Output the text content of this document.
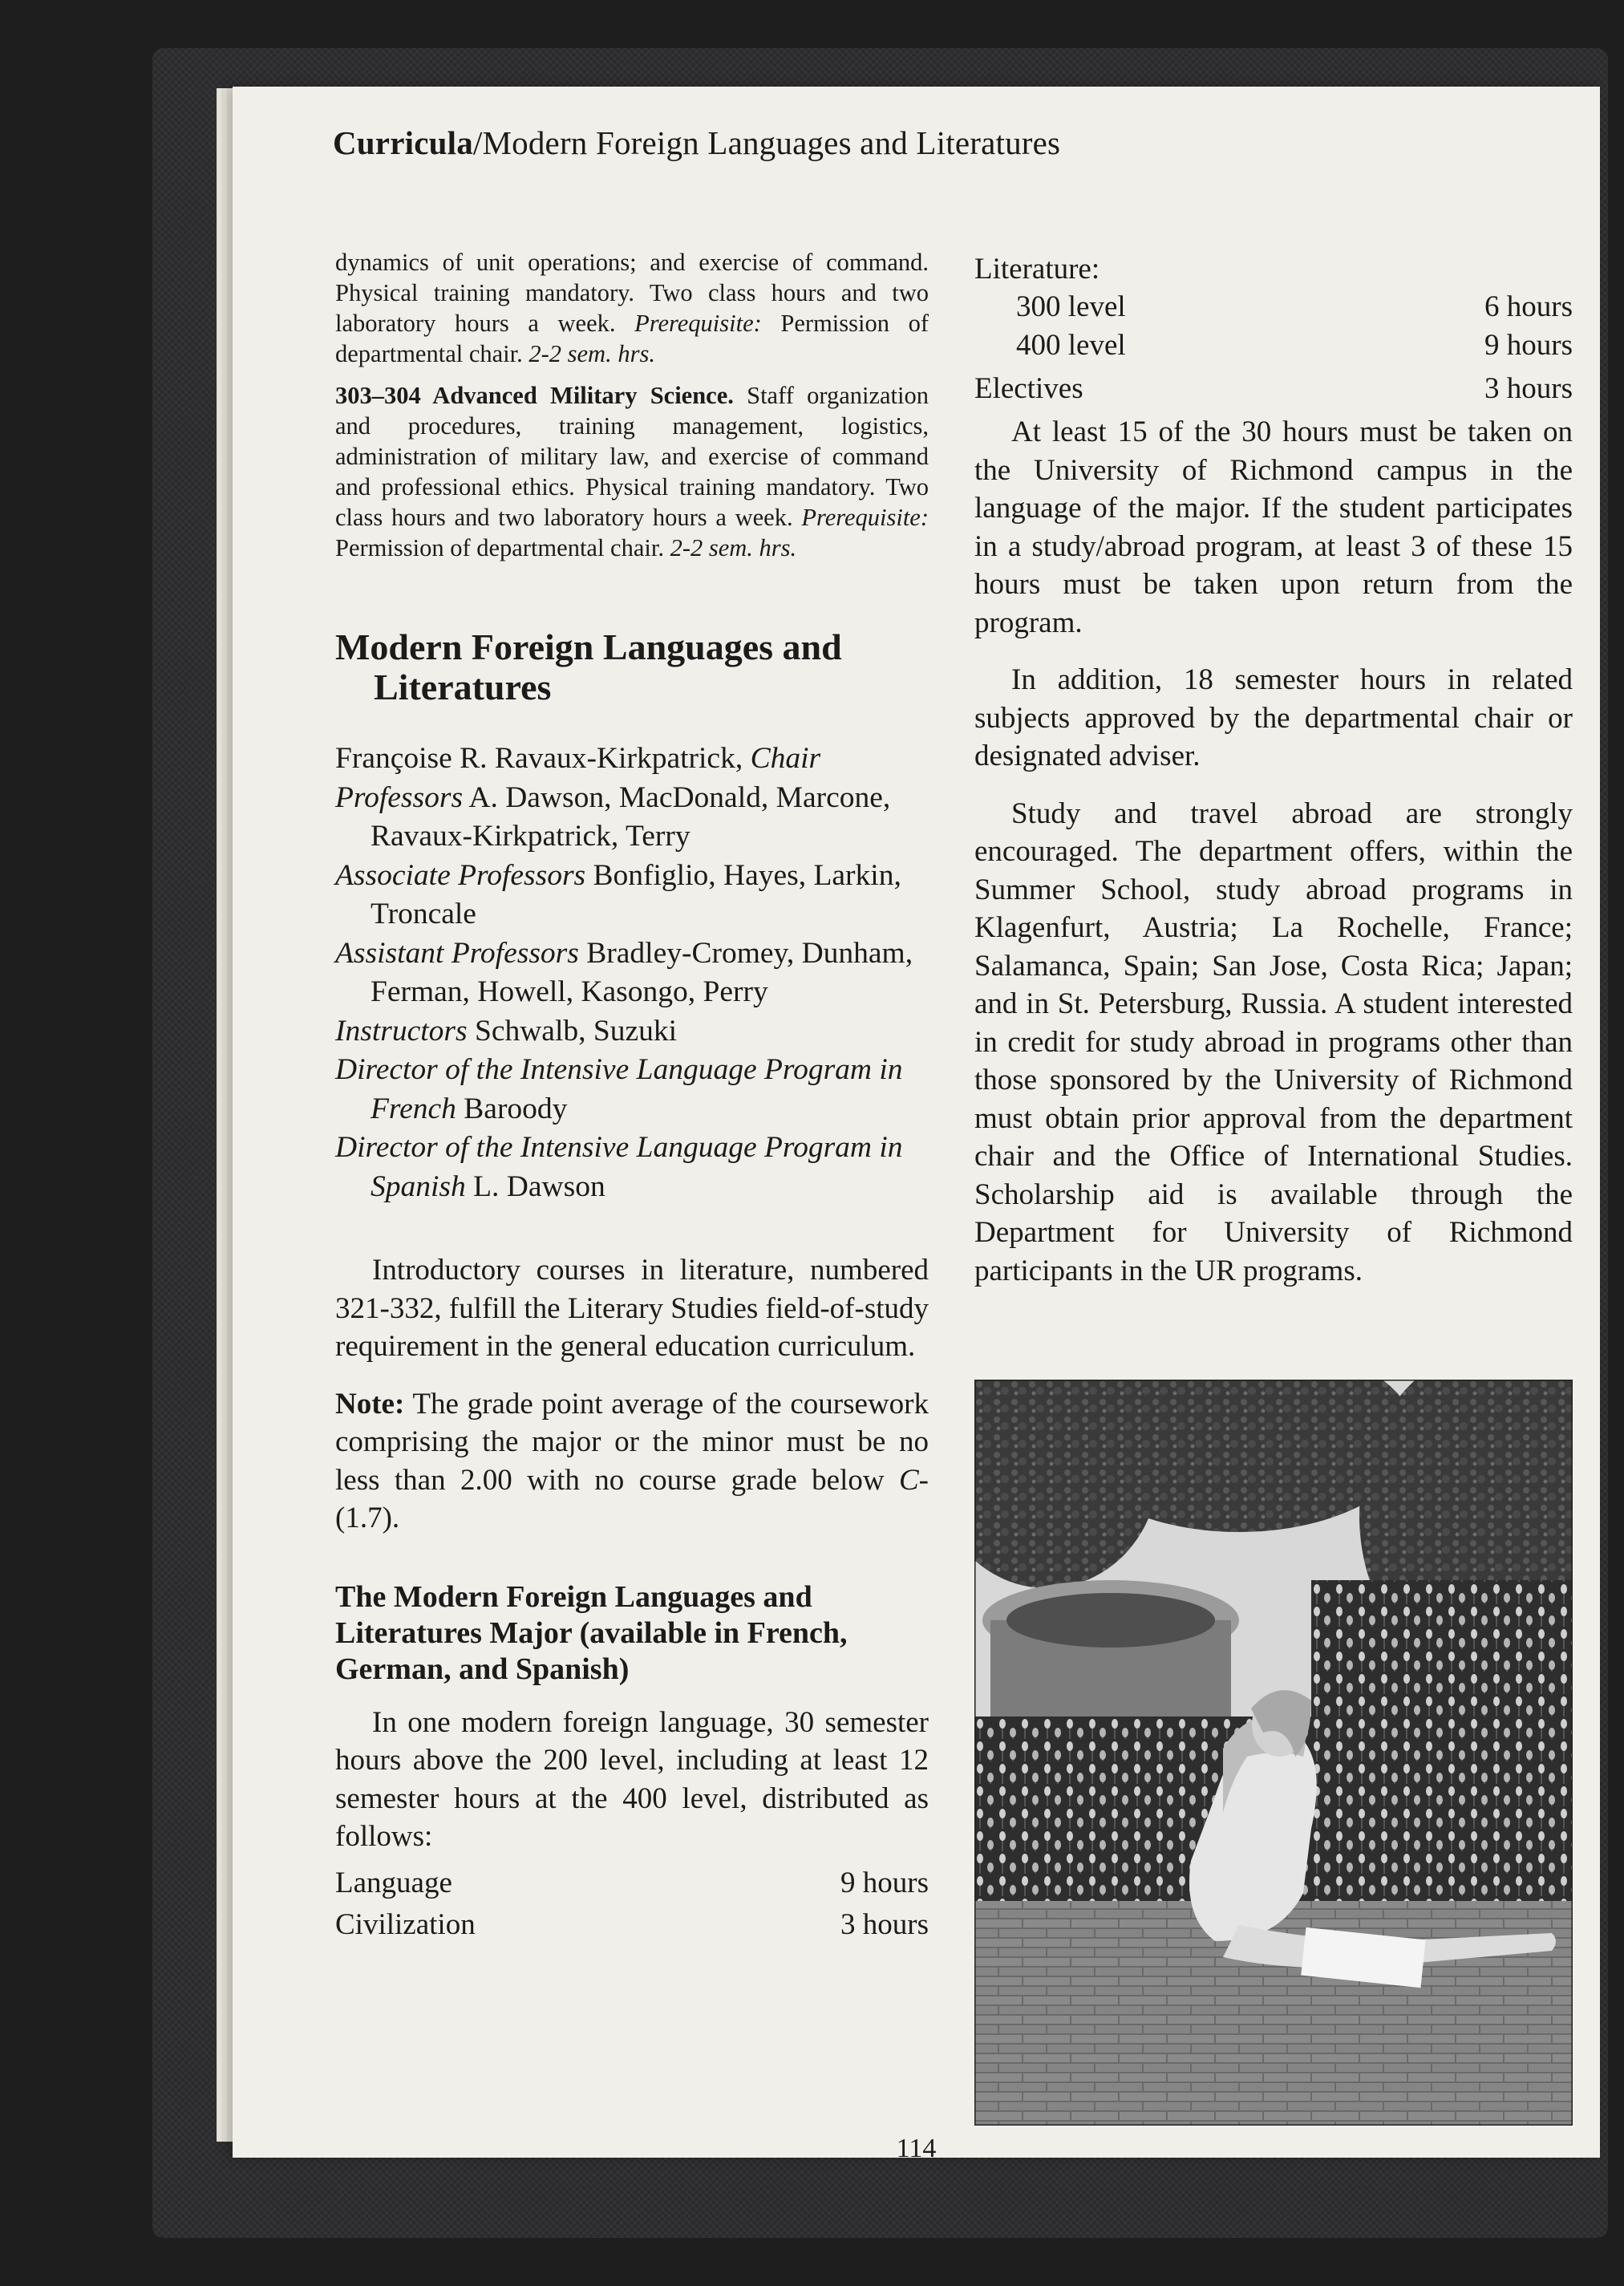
Curricula/Modern Foreign Languages and Literatures

dynamics of unit operations; and exercise of command. Physical training mandatory. Two class hours and two laboratory hours a week. Prerequisite: Permission of departmental chair. 2-2 sem. hrs.

303–304 Advanced Military Science. Staff organization and procedures, training management, logistics, administration of military law, and exercise of command and professional ethics. Physical training mandatory. Two class hours and two laboratory hours a week. Prerequisite: Permission of departmental chair. 2-2 sem. hrs.

Modern Foreign Languages and Literatures
Françoise R. Ravaux-Kirkpatrick, Chair
Professors A. Dawson, MacDonald, Marcone, Ravaux-Kirkpatrick, Terry
Associate Professors Bonfiglio, Hayes, Larkin, Troncale
Assistant Professors Bradley-Cromey, Dunham, Ferman, Howell, Kasongo, Perry
Instructors Schwalb, Suzuki
Director of the Intensive Language Program in French Baroody
Director of the Intensive Language Program in Spanish L. Dawson

Introductory courses in literature, numbered 321-332, fulfill the Literary Studies field-of-study requirement in the general education curriculum.

Note: The grade point average of the coursework comprising the major or the minor must be no less than 2.00 with no course grade below C- (1.7).

The Modern Foreign Languages and Literatures Major (available in French, German, and Spanish)

In one modern foreign language, 30 semester hours above the 200 level, including at least 12 semester hours at the 400 level, distributed as follows:

Language	9 hours
Civilization	3 hours
Literature:
300 level	6 hours
400 level	9 hours
Electives	3 hours

At least 15 of the 30 hours must be taken on the University of Richmond campus in the language of the major. If the student participates in a study/abroad program, at least 3 of these 15 hours must be taken upon return from the program.

In addition, 18 semester hours in related subjects approved by the departmental chair or designated adviser.

Study and travel abroad are strongly encouraged. The department offers, within the Summer School, study abroad programs in Klagenfurt, Austria; La Rochelle, France; Salamanca, Spain; San Jose, Costa Rica; Japan; and in St. Petersburg, Russia. A student interested in credit for study abroad in programs other than those sponsored by the University of Richmond must obtain prior approval from the department chair and the Office of International Studies. Scholarship aid is available through the Department for University of Richmond participants in the UR programs.

114
